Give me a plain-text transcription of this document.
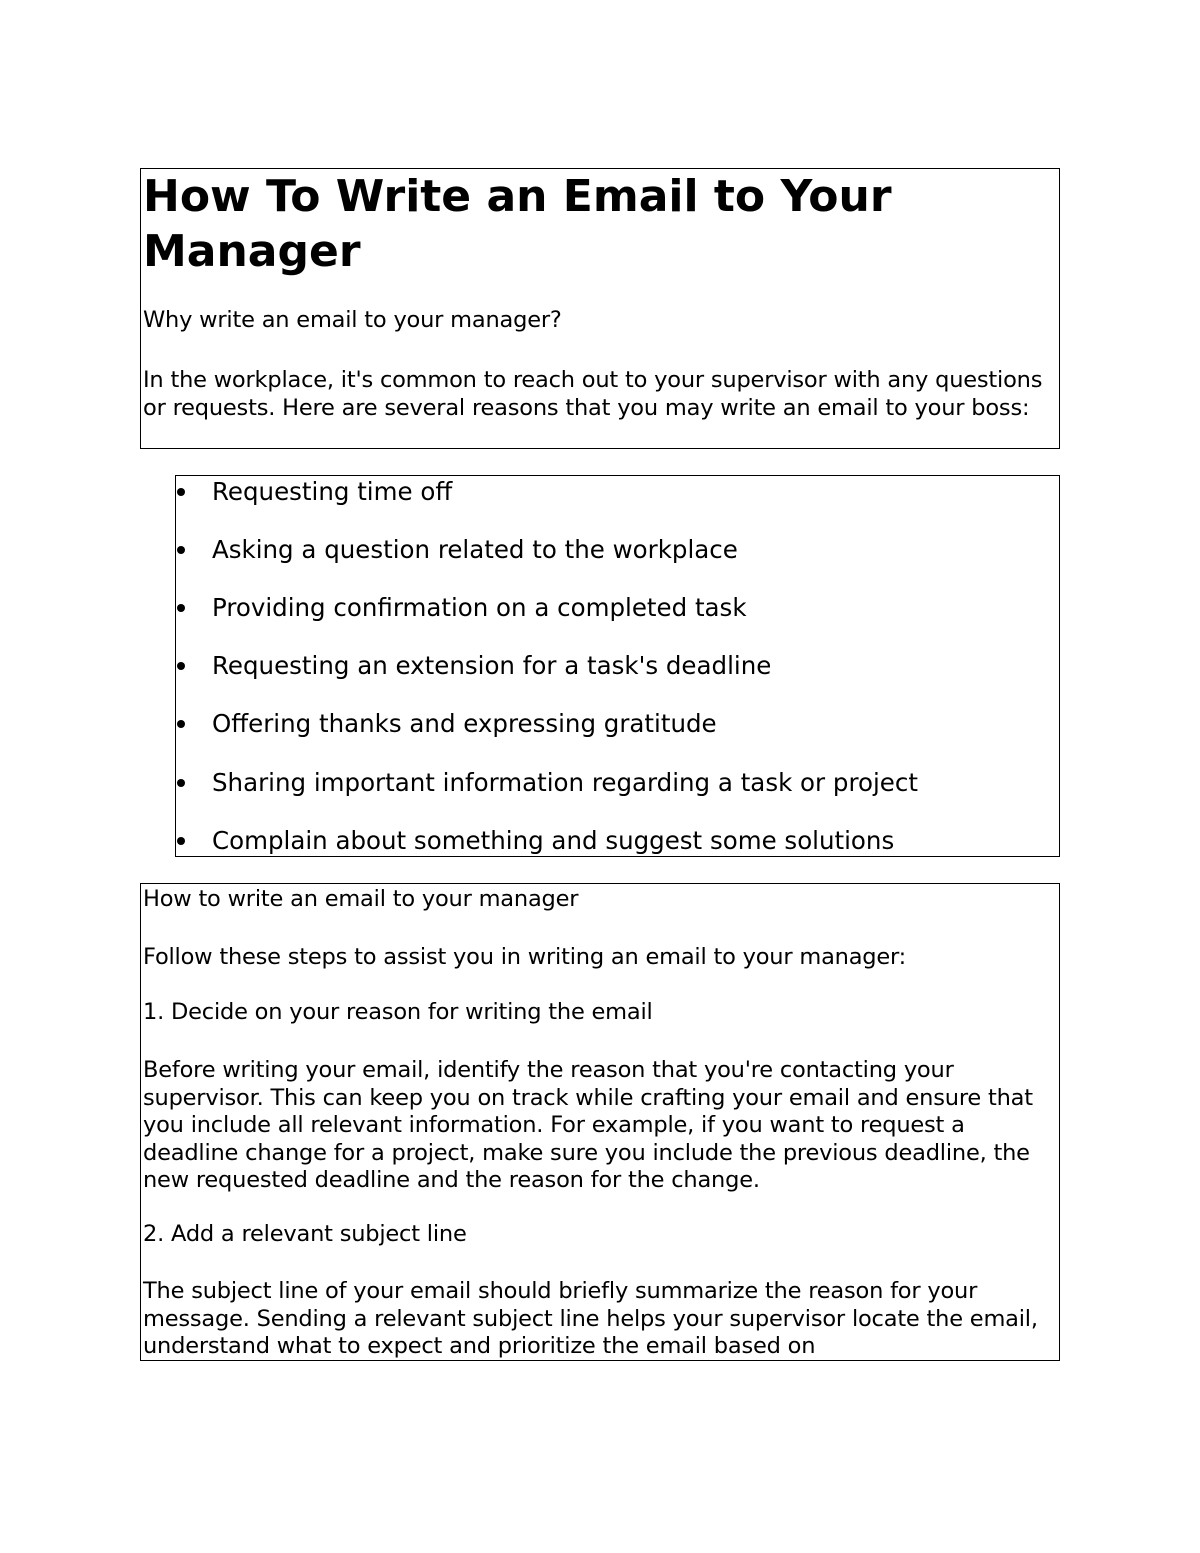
How To Write an Email to Your Manager

Why write an email to your manager?

In the workplace, it's common to reach out to your supervisor with any questions or requests. Here are several reasons that you may write an email to your boss:

Requesting time off
Asking a question related to the workplace
Providing confirmation on a completed task
Requesting an extension for a task's deadline
Offering thanks and expressing gratitude
Sharing important information regarding a task or project
Complain about something and suggest some solutions

How to write an email to your manager

Follow these steps to assist you in writing an email to your manager:

1. Decide on your reason for writing the email

Before writing your email, identify the reason that you're contacting your supervisor. This can keep you on track while crafting your email and ensure that you include all relevant information. For example, if you want to request a deadline change for a project, make sure you include the previous deadline, the new requested deadline and the reason for the change.

2. Add a relevant subject line

The subject line of your email should briefly summarize the reason for your message. Sending a relevant subject line helps your supervisor locate the email, understand what to expect and prioritize the email based on
